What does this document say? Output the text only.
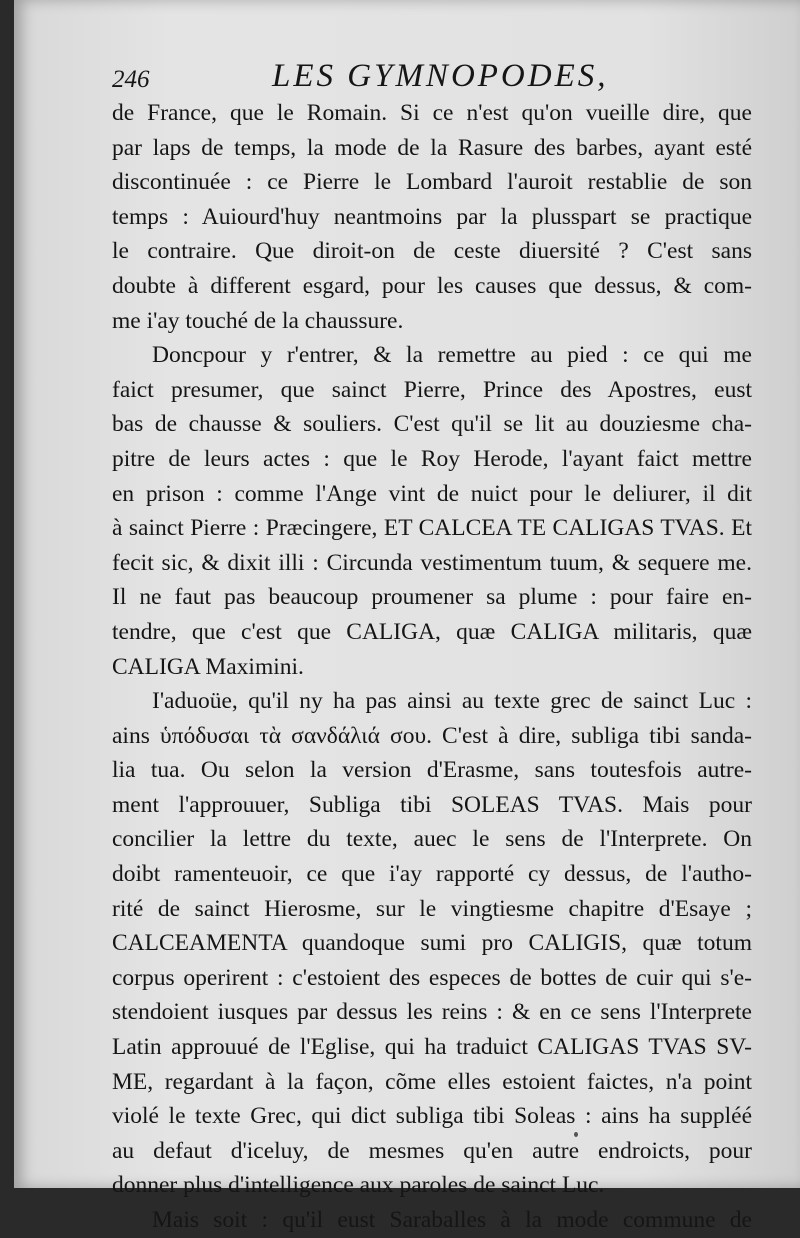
246	LES GYMNOPODES,
de France, que le Romain. Si ce n'est qu'on vueille dire, que
par laps de temps, la mode de la Rasure des barbes, ayant esté
discontinuée : ce Pierre le Lombard l'auroit restablie de son
temps : Auiourd'huy neantmoins par la plusspart se practique
le contraire. Que diroit-on de ceste diuersité ? C'est sans
doubte à different esgard, pour les causes que dessus, & com-
me i'ay touché de la chaussure.
Doncpour y r'entrer, & la remettre au pied : ce qui me
faict presumer, que sainct Pierre, Prince des Apostres, eust
bas de chausse & souliers. C'est qu'il se lit au douziesme cha-
pitre de leurs actes : que le Roy Herode, l'ayant faict mettre
en prison : comme l'Ange vint de nuict pour le deliurer, il dit
à sainct Pierre : Præcingere, ET CALCEA TE CALIGAS TVAS. Et
fecit sic, & dixit illi : Circunda vestimentum tuum, & sequere me.
Il ne faut pas beaucoup proumener sa plume : pour faire en-
tendre, que c'est que CALIGA, quæ CALIGA militaris, quæ
CALIGA Maximini.
I'aduoüe, qu'il ny ha pas ainsi au texte grec de sainct Luc :
ains ὑπόδυσαι τὰ σανδάλιά σου. C'est à dire, subliga tibi sanda-
lia tua. Ou selon la version d'Erasme, sans toutesfois autre-
ment l'approuuer, Subliga tibi SOLEAS TVAS. Mais pour
concilier la lettre du texte, auec le sens de l'Interprete. On
doibt ramenteuoir, ce que i'ay rapporté cy dessus, de l'autho-
rité de sainct Hierosme, sur le vingtiesme chapitre d'Esaye ;
CALCEAMENTA quandoque sumi pro CALIGIS, quæ totum
corpus operirent : c'estoient des especes de bottes de cuir qui s'e-
stendoient iusques par dessus les reins : & en ce sens l'Interprete
Latin approuué de l'Eglise, qui ha traduict CALIGAS TVAS SV-
ME, regardant à la façon, cõme elles estoient faictes, n'a point
violé le texte Grec, qui dict subliga tibi Soleas : ains ha suppléé
au defaut d'iceluy, de mesmes qu'en autre endroicts, pour
donner plus d'intelligence aux paroles de sainct Luc.
Mais soit : qu'il eust Saraballes à la mode commune de
